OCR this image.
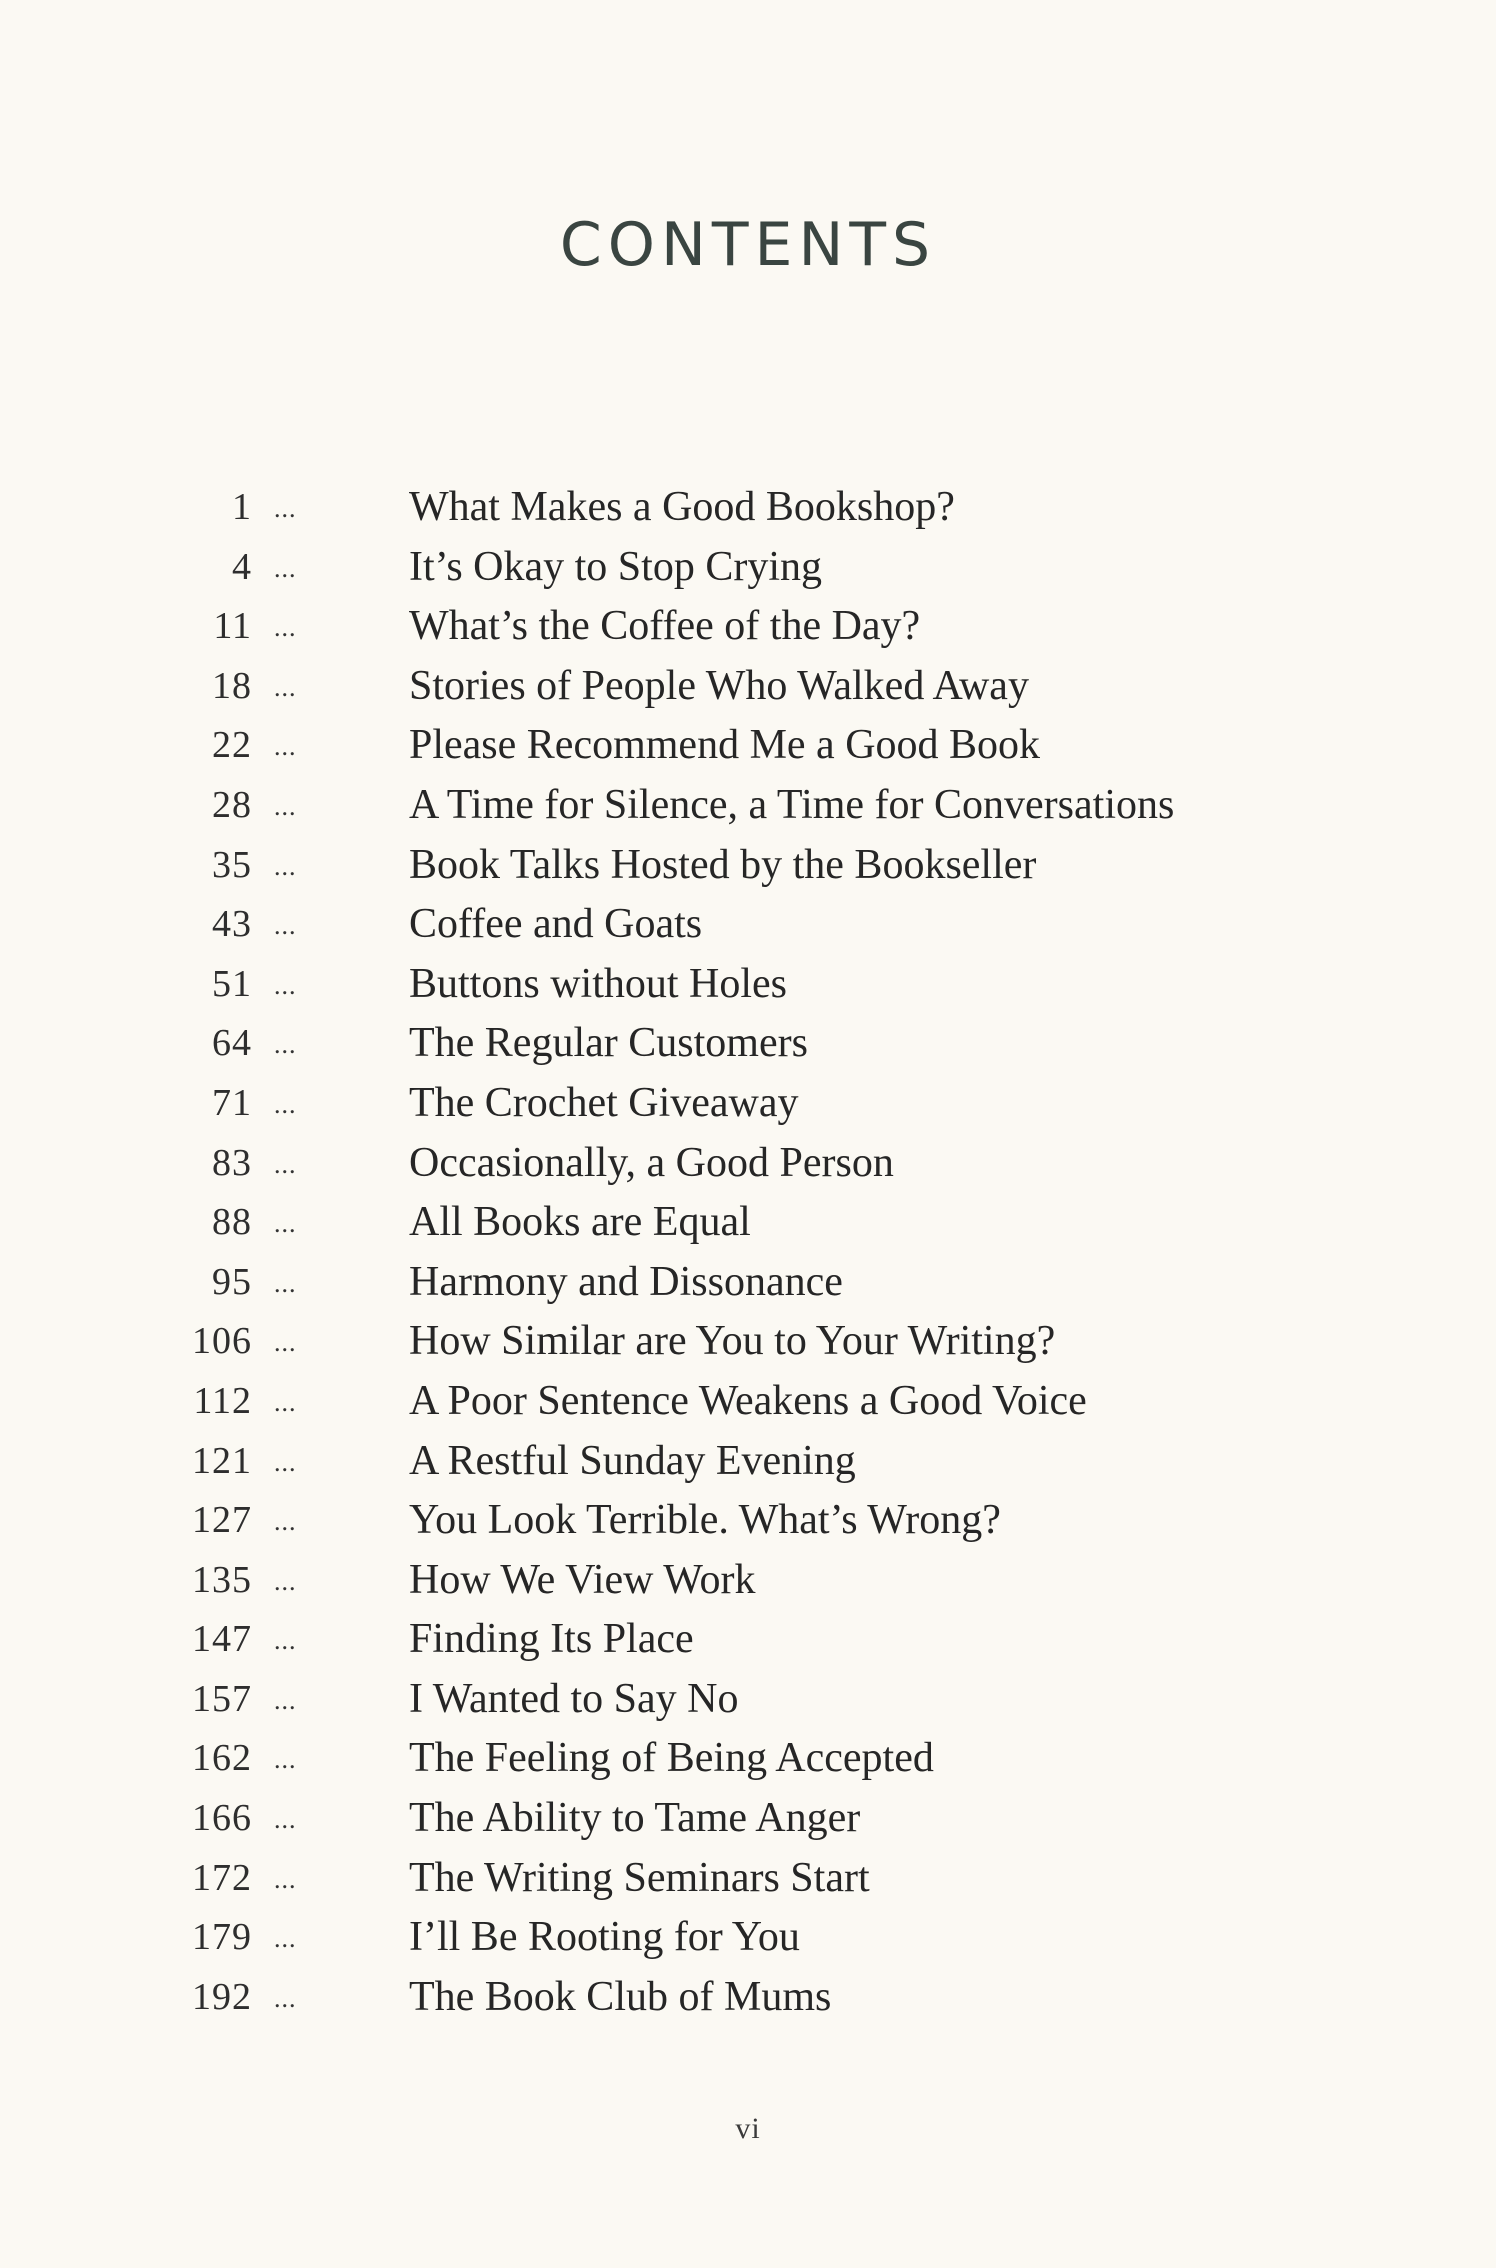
CONTENTS
1 ...	What Makes a Good Bookshop?
4 ...	It’s Okay to Stop Crying
11 ...	What’s the Coffee of the Day?
18 ...	Stories of People Who Walked Away
22 ...	Please Recommend Me a Good Book
28 ...	A Time for Silence, a Time for Conversations
35 ...	Book Talks Hosted by the Bookseller
43 ...	Coffee and Goats
51 ...	Buttons without Holes
64 ...	The Regular Customers
71 ...	The Crochet Giveaway
83 ...	Occasionally, a Good Person
88 ...	All Books are Equal
95 ...	Harmony and Dissonance
106 ...	How Similar are You to Your Writing?
112 ...	A Poor Sentence Weakens a Good Voice
121 ...	A Restful Sunday Evening
127 ...	You Look Terrible. What’s Wrong?
135 ...	How We View Work
147 ...	Finding Its Place
157 ...	I Wanted to Say No
162 ...	The Feeling of Being Accepted
166 ...	The Ability to Tame Anger
172 ...	The Writing Seminars Start
179 ...	I’ll Be Rooting for You
192 ...	The Book Club of Mums
vi
